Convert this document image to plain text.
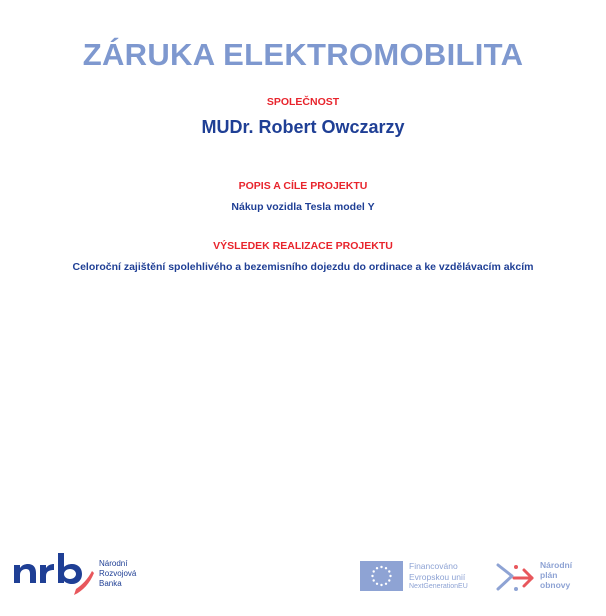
ZÁRUKA ELEKTROMOBILITA
SPOLEČNOST
MUDr. Robert Owczarzy
POPIS A CÍLE PROJEKTU
Nákup vozidla Tesla model Y
VÝSLEDEK REALIZACE PROJEKTU
Celoroční zajištění spolehlivého a bezemisního dojezdu do ordinace a ke vzdělávacím akcím
Národní
Rozvojová
Banka
Financováno
Evropskou unií
NextGenerationEU
Národní
plán
obnovy
